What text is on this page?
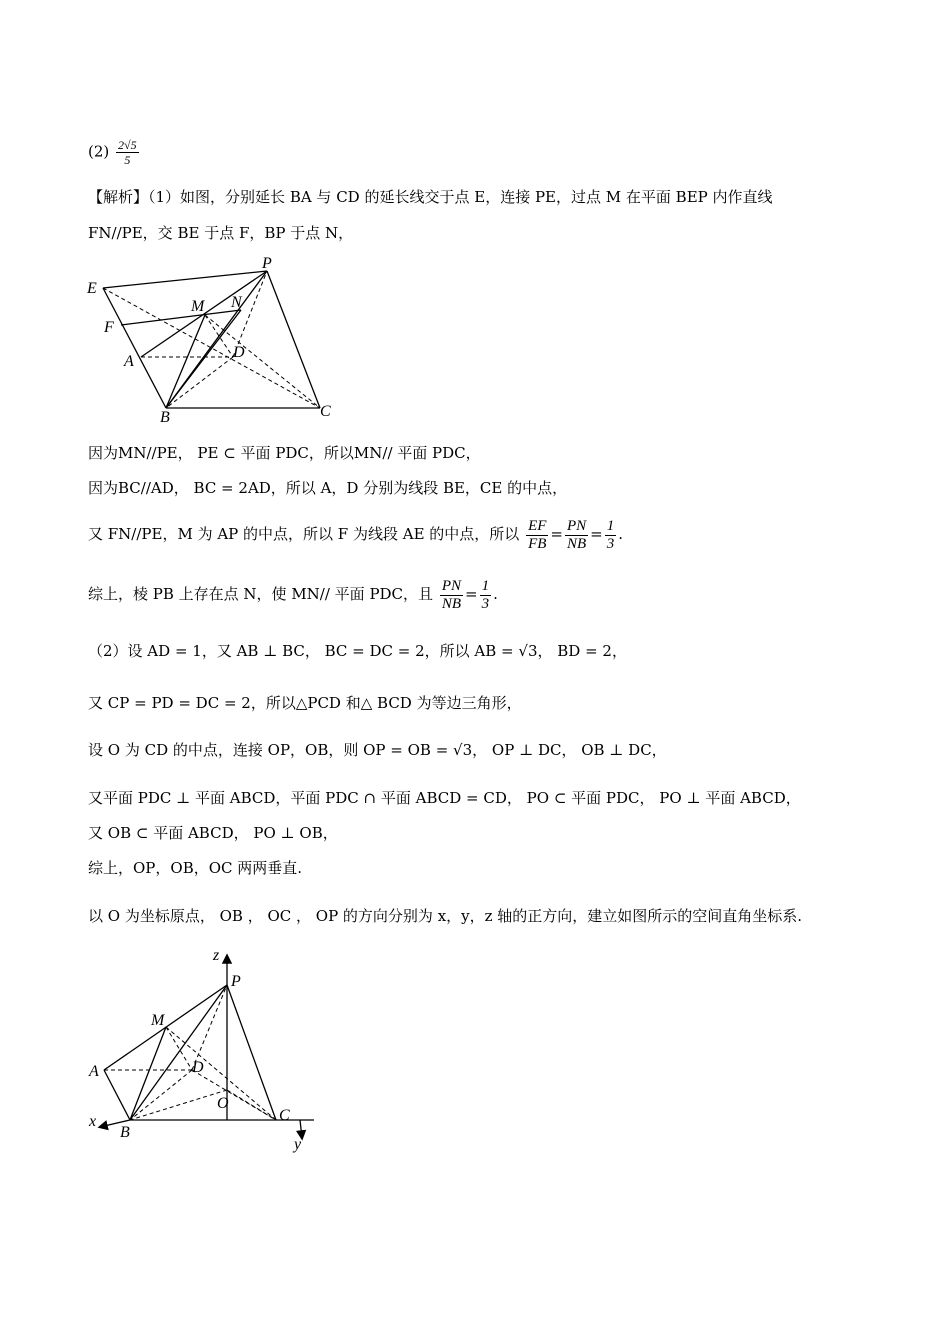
$(2) \frac{2√5}{5}$
【解析】（1）如图，分别延长 BA 与 CD 的延长线交于点 E，连接 PE，过点 M 在平面 BEP 内作直线
FN//PE，交 BE 于点 F，BP 于点 N，
E
P
M N
F
A
D
B	C
因为MN//PE， PE ⊂ 平面 PDC，所以MN// 平面 PDC，
因为BC//AD， BC = 2AD，所以 A，D 分别为线段 BE，CE 的中点，
又 FN//PE，M 为 AP 的中点，所以 F 为线段 AE 的中点，所以 $\frac{EF}{FB} = \frac{PN}{NB} = \frac{1}{3}$ .
综上，棱 PB 上存在点 N，使 MN// 平面 PDC，且 $\frac{PN}{NB} = \frac{1}{3}$ .
（2）设 AD = 1，又 AB ⊥ BC， BC = DC = 2，所以 AB = √3， BD = 2，
又 CP = PD = DC = 2，所以△PCD 和△ BCD 为等边三角形，
设 O 为 CD 的中点，连接 OP，OB，则 OP = OB = √3， OP ⊥ DC， OB ⊥ DC，
又平面 PDC ⊥ 平面 ABCD，平面 PDC ∩ 平面 ABCD = CD， PO ⊂ 平面 PDC， PO ⊥ 平面 ABCD，
又 OB ⊂ 平面 ABCD， PO ⊥ OB，
综上，OP，OB，OC 两两垂直.
以 O 为坐标原点， OB ， OC ， OP 的方向分别为 x，y，z 轴的正方向，建立如图所示的空间直角坐标系.
z
P
M
A	D
O
C
x
B
y
